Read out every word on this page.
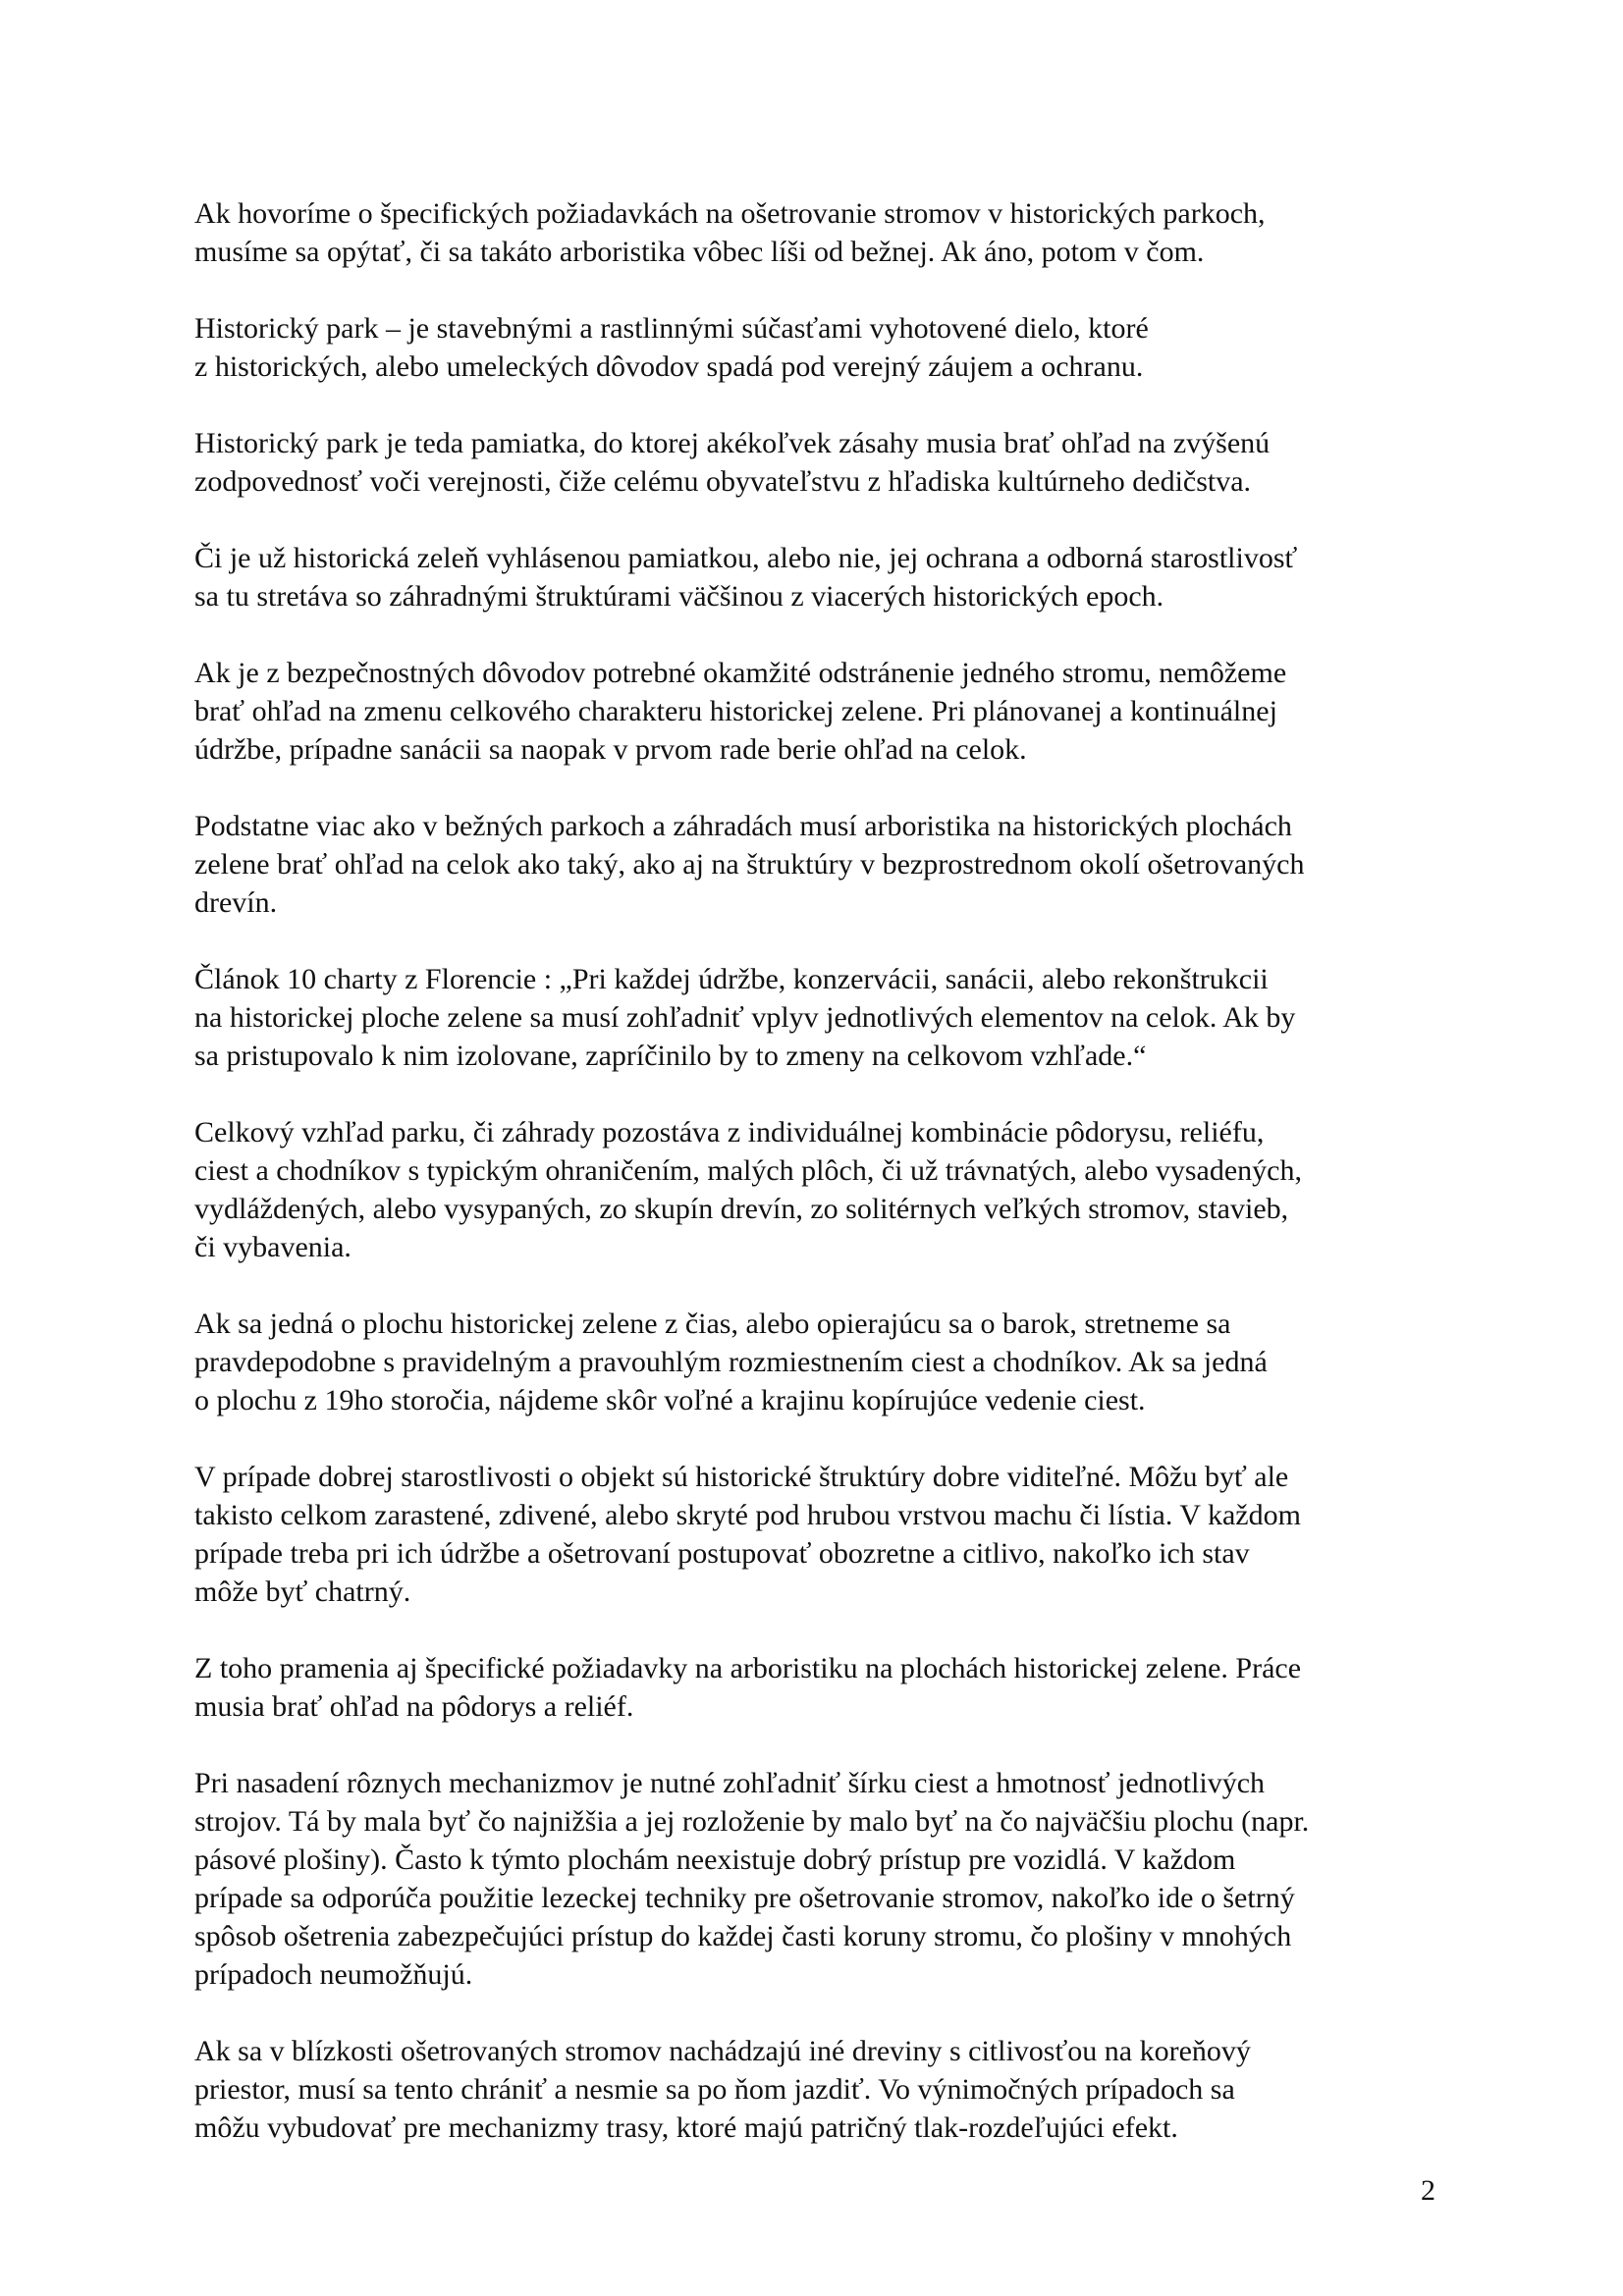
Ak hovoríme o špecifických požiadavkách na ošetrovanie stromov v historických parkoch,
musíme sa opýtať, či sa takáto arboristika vôbec líši od bežnej. Ak áno, potom v čom.

Historický park – je stavebnými a rastlinnými súčasťami vyhotovené dielo, ktoré
z historických, alebo umeleckých dôvodov spadá pod verejný záujem a ochranu.

Historický park je teda pamiatka, do ktorej akékoľvek zásahy musia brať ohľad na zvýšenú
zodpovednosť voči verejnosti, čiže celému obyvateľstvu z hľadiska kultúrneho dedičstva.

Či je už historická zeleň vyhlásenou pamiatkou, alebo nie, jej ochrana a odborná starostlivosť
sa tu stretáva so záhradnými štruktúrami väčšinou z viacerých historických epoch.

Ak je z bezpečnostných dôvodov potrebné okamžité odstránenie jedného stromu, nemôžeme
brať ohľad na zmenu celkového charakteru historickej zelene. Pri plánovanej a kontinuálnej
údržbe, prípadne sanácii sa naopak v prvom rade berie ohľad na celok.

Podstatne viac ako v bežných parkoch a záhradách musí arboristika na historických plochách
zelene brať ohľad na celok ako taký, ako aj na štruktúry v bezprostrednom okolí ošetrovaných
drevín.

Článok 10 charty z Florencie : „Pri každej údržbe, konzervácii, sanácii, alebo rekonštrukcii
na historickej ploche zelene sa musí zohľadniť vplyv jednotlivých elementov na celok. Ak by
sa pristupovalo k nim izolovane, zapríčinilo by to zmeny na celkovom vzhľade.“

Celkový vzhľad parku, či záhrady pozostáva z individuálnej kombinácie pôdorysu, reliéfu,
ciest a chodníkov s typickým ohraničením, malých plôch, či už trávnatých, alebo vysadených,
vydláždených, alebo vysypaných, zo skupín drevín, zo solitérnych veľkých stromov, stavieb,
či vybavenia.

Ak sa jedná o plochu historickej zelene z čias, alebo opierajúcu sa o barok, stretneme sa
pravdepodobne s pravidelným a pravouhlým rozmiestnením ciest a chodníkov. Ak sa jedná
o plochu z 19ho storočia, nájdeme skôr voľné a krajinu kopírujúce vedenie ciest.

V prípade dobrej starostlivosti o objekt sú historické štruktúry dobre viditeľné. Môžu byť ale
takisto celkom zarastené, zdivené, alebo skryté pod hrubou vrstvou machu či lístia. V každom
prípade treba pri ich údržbe a ošetrovaní postupovať obozretne a citlivo, nakoľko ich stav
môže byť chatrný.

Z toho pramenia aj špecifické požiadavky na arboristiku na plochách historickej zelene. Práce
musia brať ohľad na pôdorys a reliéf.

Pri nasadení rôznych mechanizmov je nutné zohľadniť šírku ciest a hmotnosť jednotlivých
strojov. Tá by mala byť čo najnižšia a jej rozloženie by malo byť na čo najväčšiu plochu (napr.
pásové plošiny). Často k týmto plochám neexistuje dobrý prístup pre vozidlá. V každom
prípade sa odporúča použitie lezeckej techniky pre ošetrovanie stromov, nakoľko ide o šetrný
spôsob ošetrenia zabezpečujúci prístup do každej časti koruny stromu, čo plošiny v mnohých
prípadoch neumožňujú.

Ak sa v blízkosti ošetrovaných stromov nachádzajú iné dreviny s citlivosťou na koreňový
priestor, musí sa tento chrániť a nesmie sa po ňom jazdiť. Vo výnimočných prípadoch sa
môžu vybudovať pre mechanizmy trasy, ktoré majú patričný tlak-rozdeľujúci efekt.

2
